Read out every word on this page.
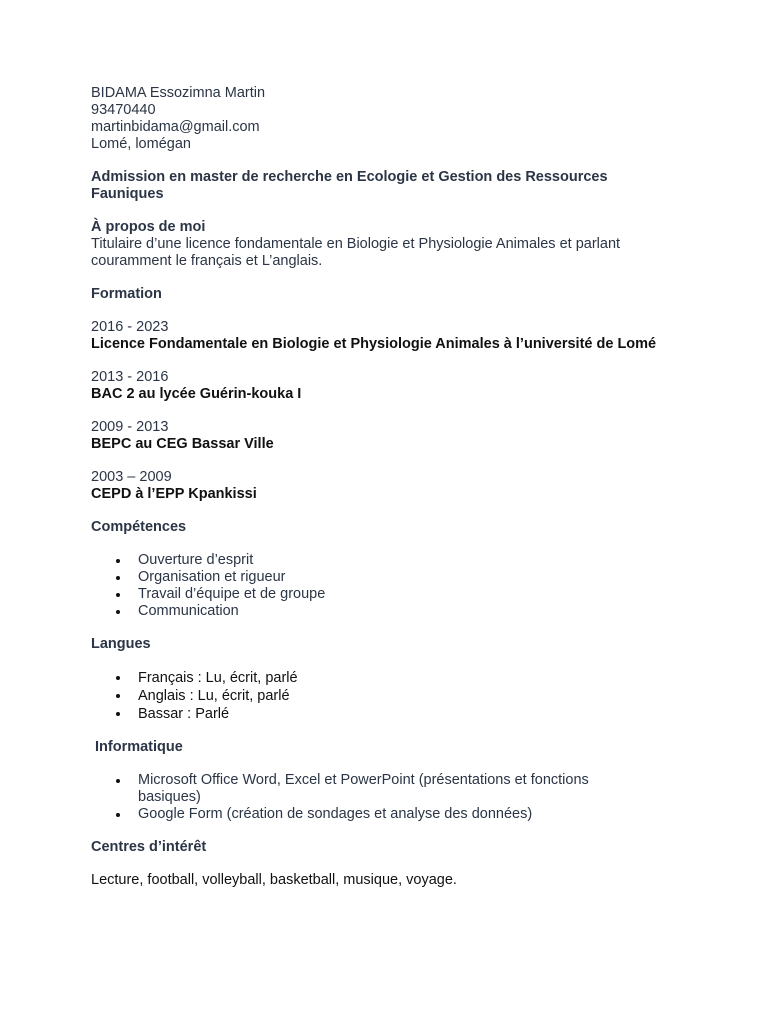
BIDAMA Essozimna Martin
93470440
martinbidama@gmail.com
Lomé, lomégan
Admission en master de recherche en Ecologie et Gestion des Ressources Fauniques
À propos de moi
Titulaire d’une licence fondamentale en Biologie et Physiologie Animales et parlant couramment le français et L’anglais.
Formation
2016 - 2023
Licence Fondamentale en Biologie et Physiologie Animales à l’université de Lomé
2013 - 2016
BAC 2 au lycée Guérin-kouka I
2009 - 2013
BEPC au CEG Bassar Ville
2003 – 2009
CEPD à l’EPP Kpankissi
Compétences
Ouverture d’esprit
Organisation et rigueur
Travail d’équipe et de groupe
Communication
Langues
Français : Lu, écrit, parlé
Anglais : Lu, écrit, parlé
Bassar : Parlé
Informatique
Microsoft Office Word, Excel et PowerPoint (présentations et fonctions basiques)
Google Form (création de sondages et analyse des données)
Centres d’intérêt
Lecture, football, volleyball, basketball, musique, voyage.
